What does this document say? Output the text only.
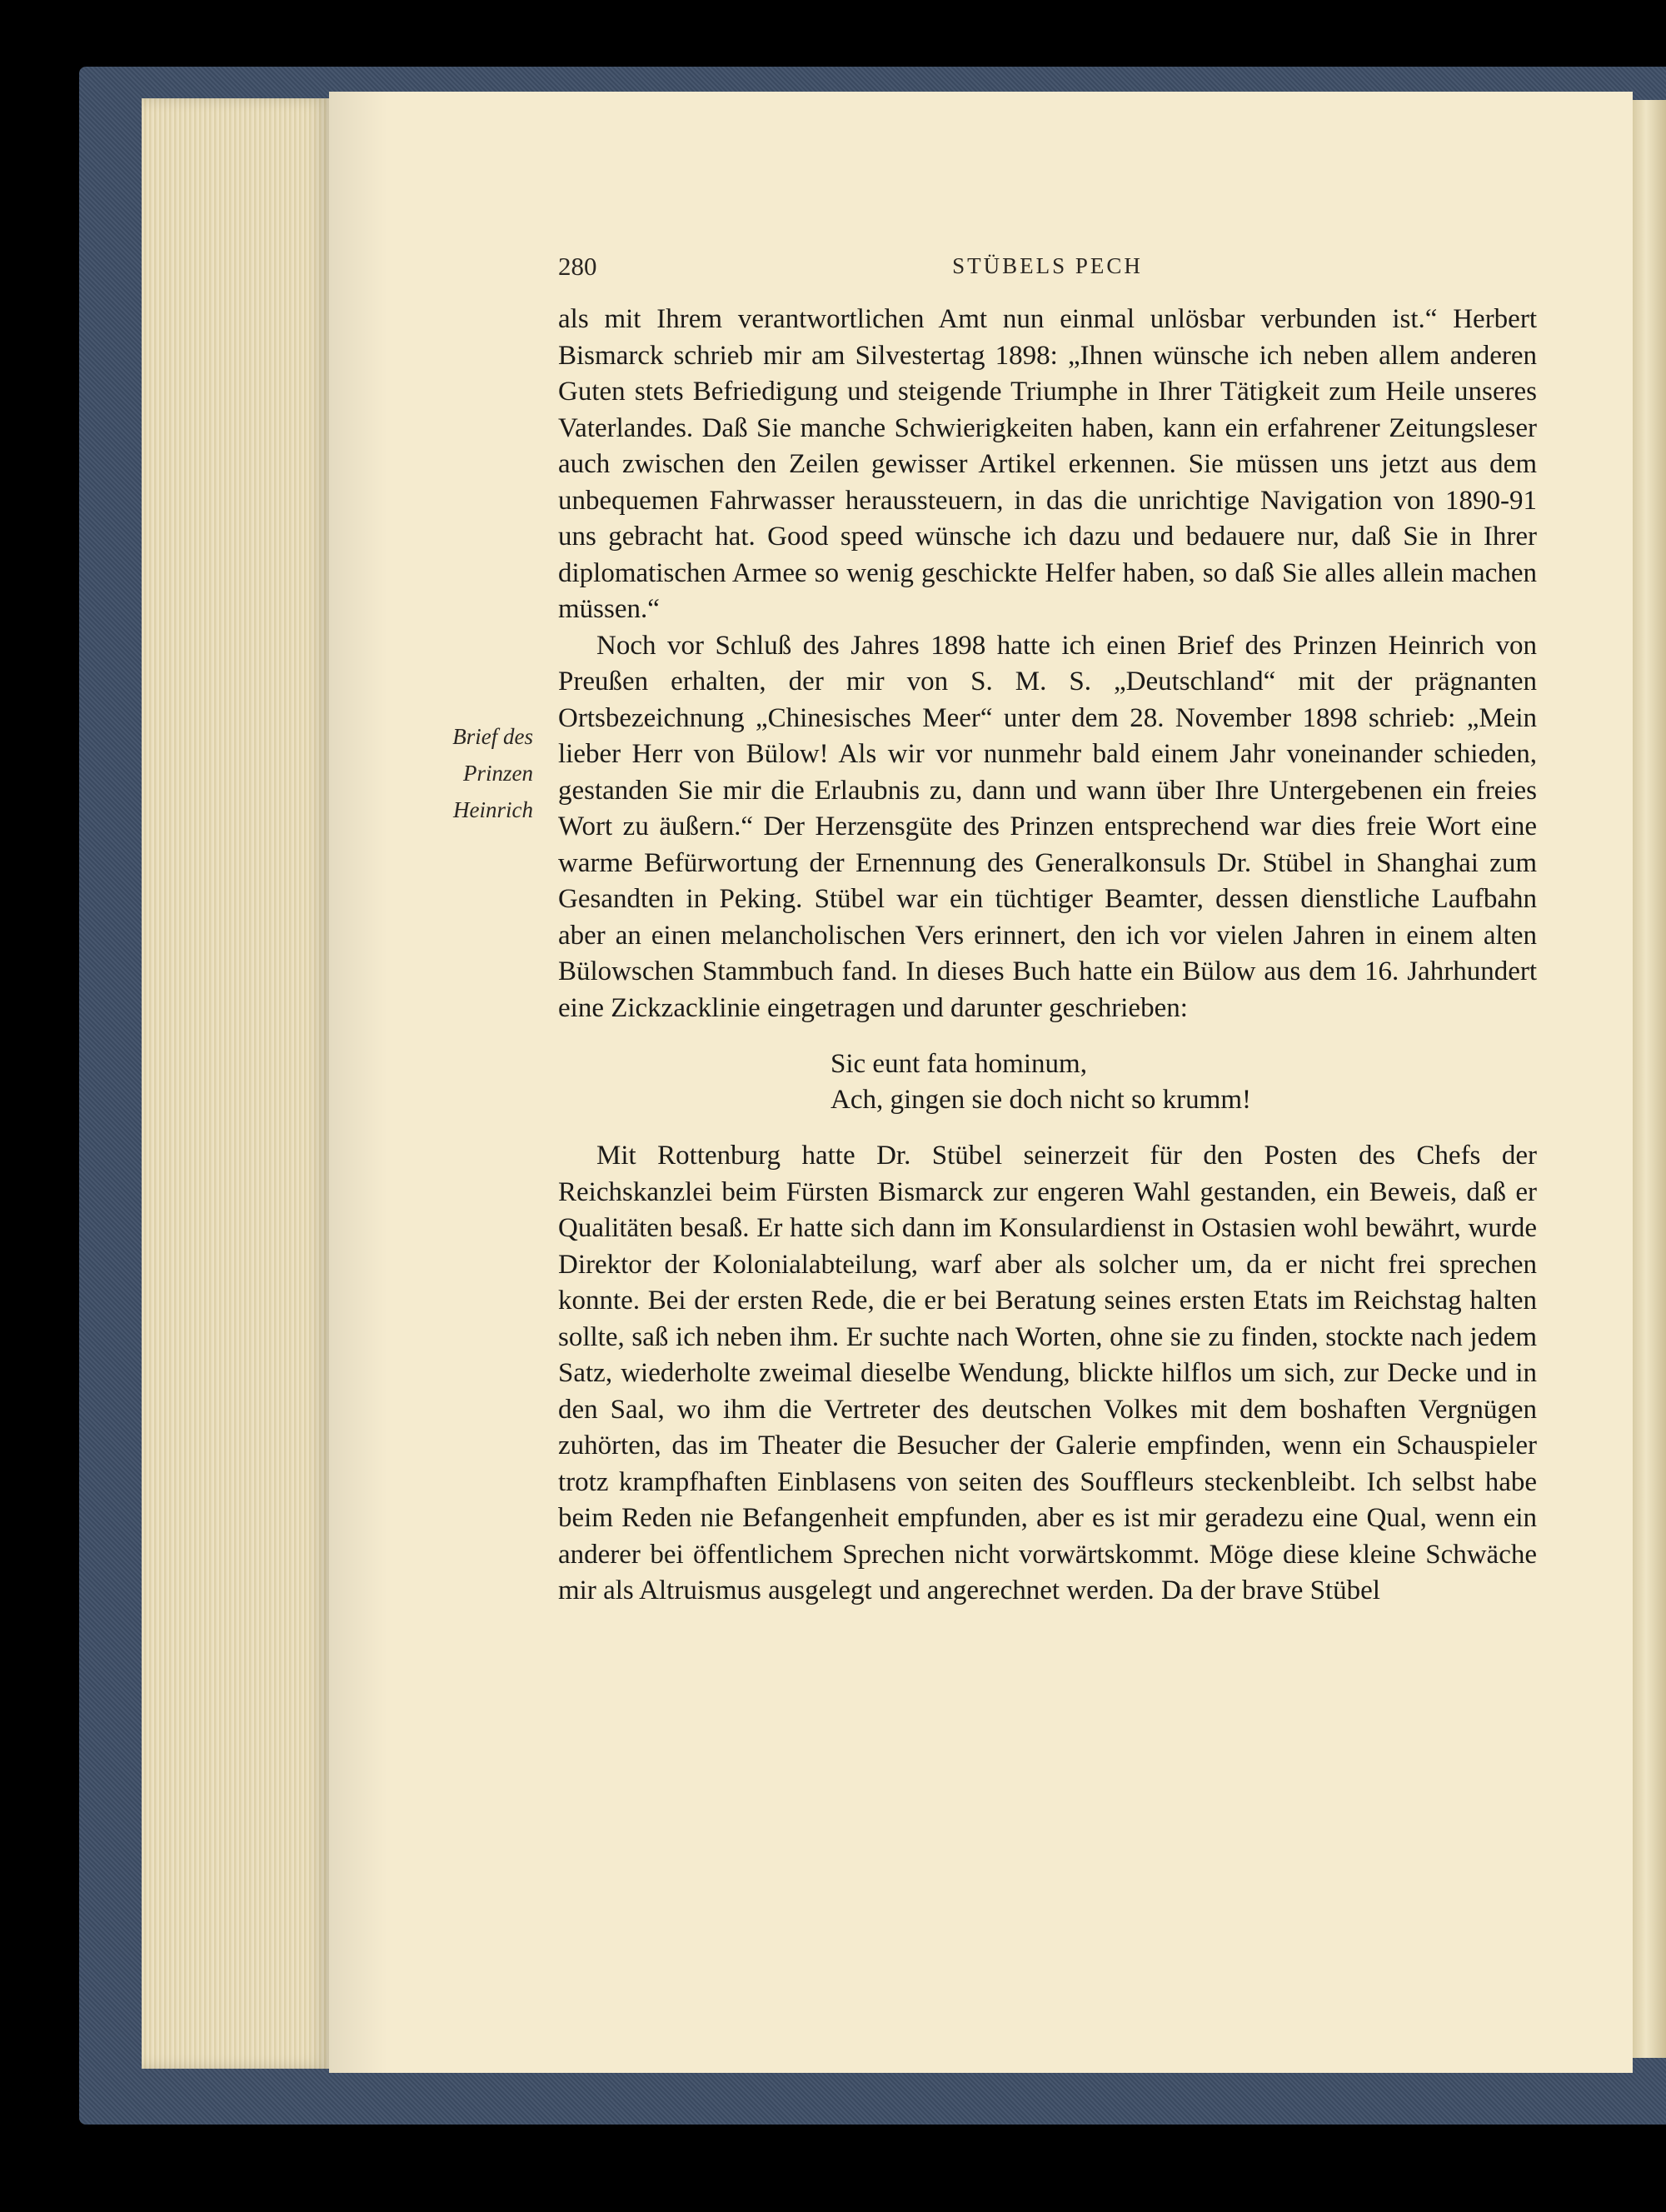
280	STÜBELS PECH
Brief des
Prinzen
Heinrich

als mit Ihrem verantwortlichen Amt nun einmal unlösbar verbunden ist.“ Herbert Bismarck schrieb mir am Silvestertag 1898: „Ihnen wünsche ich neben allem anderen Guten stets Befriedigung und steigende Triumphe in Ihrer Tätigkeit zum Heile unseres Vaterlandes. Daß Sie manche Schwierigkeiten haben, kann ein erfahrener Zeitungsleser auch zwischen den Zeilen gewisser Artikel erkennen. Sie müssen uns jetzt aus dem unbequemen Fahrwasser heraussteuern, in das die unrichtige Navigation von 1890-91 uns gebracht hat. Good speed wünsche ich dazu und bedauere nur, daß Sie in Ihrer diplomatischen Armee so wenig geschickte Helfer haben, so daß Sie alles allein machen müssen.“

Noch vor Schluß des Jahres 1898 hatte ich einen Brief des Prinzen Heinrich von Preußen erhalten, der mir von S. M. S. „Deutschland“ mit der prägnanten Ortsbezeichnung „Chinesisches Meer“ unter dem 28. November 1898 schrieb: „Mein lieber Herr von Bülow! Als wir vor nunmehr bald einem Jahr voneinander schieden, gestanden Sie mir die Erlaubnis zu, dann und wann über Ihre Untergebenen ein freies Wort zu äußern.“ Der Herzensgüte des Prinzen entsprechend war dies freie Wort eine warme Befürwortung der Ernennung des Generalkonsuls Dr. Stübel in Shanghai zum Gesandten in Peking. Stübel war ein tüchtiger Beamter, dessen dienstliche Laufbahn aber an einen melancholischen Vers erinnert, den ich vor vielen Jahren in einem alten Bülowschen Stammbuch fand. In dieses Buch hatte ein Bülow aus dem 16. Jahrhundert eine Zickzacklinie eingetragen und darunter geschrieben:

Sic eunt fata hominum,
Ach, gingen sie doch nicht so krumm!

Mit Rottenburg hatte Dr. Stübel seinerzeit für den Posten des Chefs der Reichskanzlei beim Fürsten Bismarck zur engeren Wahl gestanden, ein Beweis, daß er Qualitäten besaß. Er hatte sich dann im Konsulardienst in Ostasien wohl bewährt, wurde Direktor der Kolonialabteilung, warf aber als solcher um, da er nicht frei sprechen konnte. Bei der ersten Rede, die er bei Beratung seines ersten Etats im Reichstag halten sollte, saß ich neben ihm. Er suchte nach Worten, ohne sie zu finden, stockte nach jedem Satz, wiederholte zweimal dieselbe Wendung, blickte hilflos um sich, zur Decke und in den Saal, wo ihm die Vertreter des deutschen Volkes mit dem boshaften Vergnügen zuhörten, das im Theater die Besucher der Galerie empfinden, wenn ein Schauspieler trotz krampfhaften Einblasens von seiten des Souffleurs steckenbleibt. Ich selbst habe beim Reden nie Befangenheit empfunden, aber es ist mir geradezu eine Qual, wenn ein anderer bei öffentlichem Sprechen nicht vorwärtskommt. Möge diese kleine Schwäche mir als Altruismus ausgelegt und angerechnet werden. Da der brave Stübel
